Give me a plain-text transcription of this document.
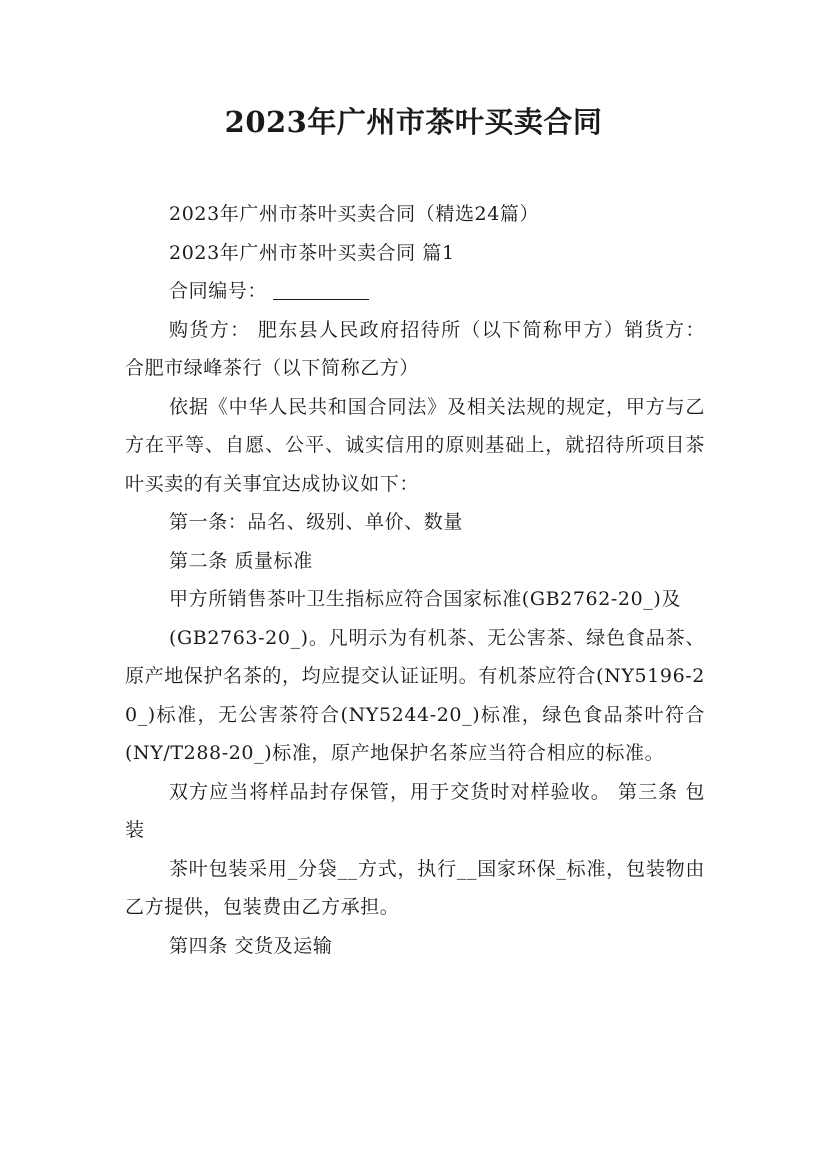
2023年广州市茶叶买卖合同

2023年广州市茶叶买卖合同（精选24篇）

2023年广州市茶叶买卖合同 篇1

合同编号：

购货方： 肥东县人民政府招待所（以下简称甲方）销货方： 合肥市绿峰茶行（以下简称乙方）

依据《中华人民共和国合同法》及相关法规的规定，甲方与乙方在平等、自愿、公平、诚实信用的原则基础上，就招待所项目茶叶买卖的有关事宜达成协议如下：

第一条：品名、级别、单价、数量

第二条 质量标准

甲方所销售茶叶卫生指标应符合国家标准(GB2762-20_)及

(GB2763-20_)。凡明示为有机茶、无公害茶、绿色食品茶、原产地保护名茶的，均应提交认证证明。有机茶应符合(NY5196-20_)标准，无公害茶符合(NY5244-20_)标准，绿色食品茶叶符合(NY/T288-20_)标准，原产地保护名茶应当符合相应的标准。

双方应当将样品封存保管，用于交货时对样验收。 第三条 包装

茶叶包装采用_分袋__方式，执行__国家环保_标准，包装物由乙方提供，包装费由乙方承担。

第四条 交货及运输
